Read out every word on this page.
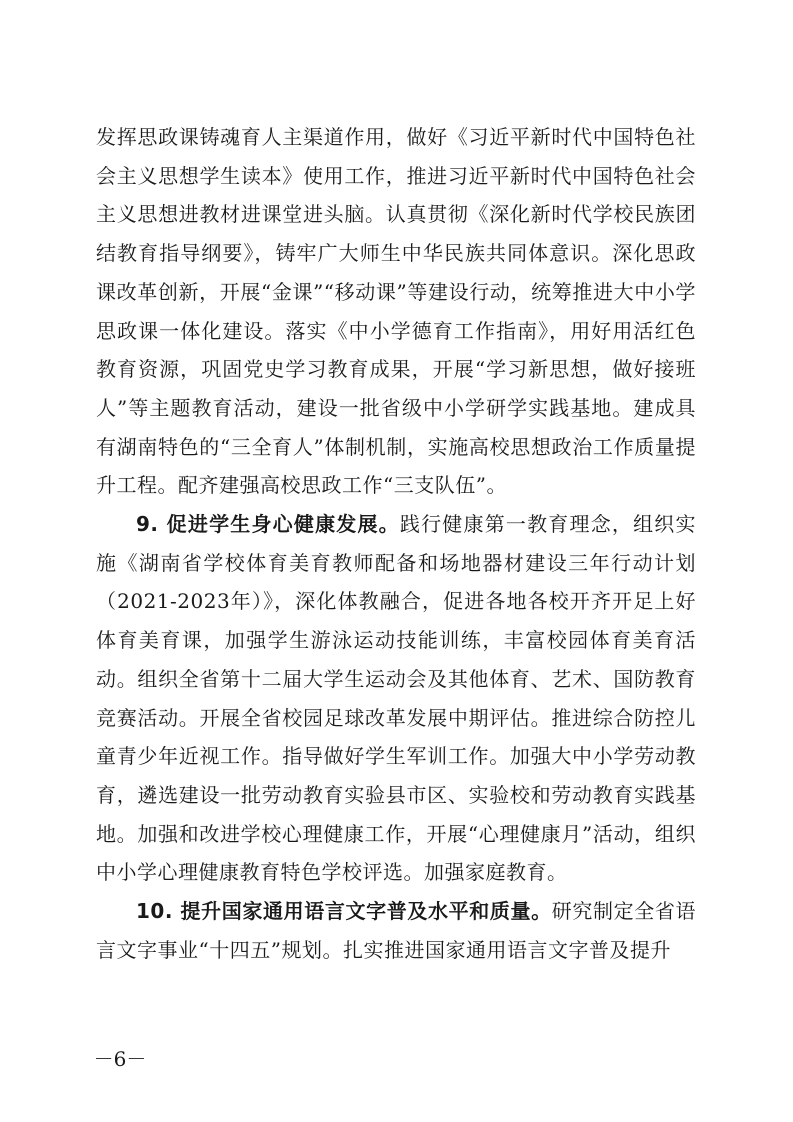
发挥思政课铸魂育人主渠道作用，做好《习近平新时代中国特色社会主义思想学生读本》使用工作，推进习近平新时代中国特色社会主义思想进教材进课堂进头脑。认真贯彻《深化新时代学校民族团结教育指导纲要》，铸牢广大师生中华民族共同体意识。深化思政课改革创新，开展“金课”“移动课”等建设行动，统筹推进大中小学思政课一体化建设。落实《中小学德育工作指南》，用好用活红色教育资源，巩固党史学习教育成果，开展“学习新思想，做好接班人”等主题教育活动，建设一批省级中小学研学实践基地。建成具有湖南特色的“三全育人”体制机制，实施高校思想政治工作质量提升工程。配齐建强高校思政工作“三支队伍”。

9. 促进学生身心健康发展。践行健康第一教育理念，组织实施《湖南省学校体育美育教师配备和场地器材建设三年行动计划（2021-2023年）》，深化体教融合，促进各地各校开齐开足上好体育美育课，加强学生游泳运动技能训练，丰富校园体育美育活动。组织全省第十二届大学生运动会及其他体育、艺术、国防教育竞赛活动。开展全省校园足球改革发展中期评估。推进综合防控儿童青少年近视工作。指导做好学生军训工作。加强大中小学劳动教育，遴选建设一批劳动教育实验县市区、实验校和劳动教育实践基地。加强和改进学校心理健康工作，开展“心理健康月”活动，组织中小学心理健康教育特色学校评选。加强家庭教育。

10. 提升国家通用语言文字普及水平和质量。研究制定全省语言文字事业“十四五”规划。扎实推进国家通用语言文字普及提升

－6－
